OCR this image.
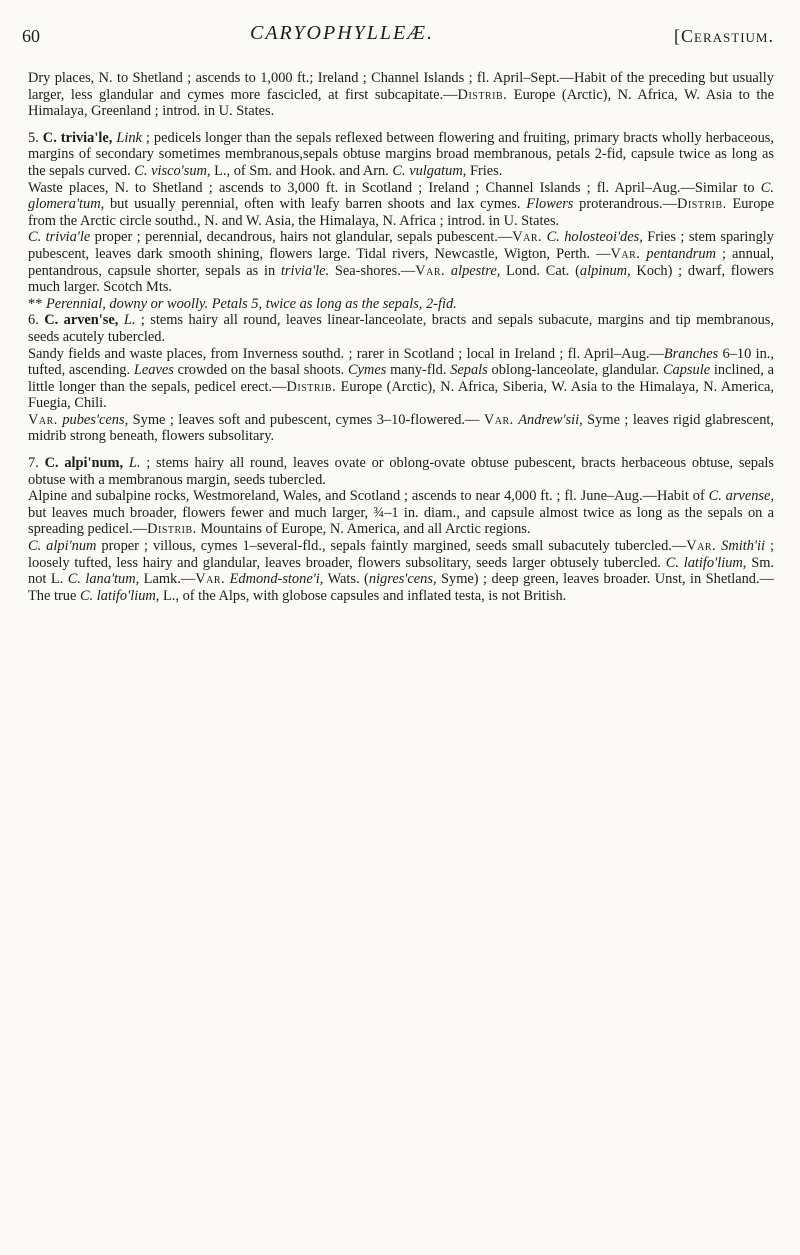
60	CARYOPHYLLEÆ.	[Cerastium.

Dry places, N. to Shetland ; ascends to 1,000 ft.; Ireland ; Channel Islands ; fl. April–Sept.—Habit of the preceding but usually larger, less glandular and cymes more fascicled, at first subcapitate.—Distrib. Europe (Arctic), N. Africa, W. Asia to the Himalaya, Greenland ; introd. in U. States.

5. C. trivia'le, Link ; pedicels longer than the sepals reflexed between flowering and fruiting, primary bracts wholly herbaceous, margins of secondary sometimes membranous,sepals obtuse margins broad membranous, petals 2-fid, capsule twice as long as the sepals curved. C. visco'sum, L., of Sm. and Hook. and Arn. C. vulgatum, Fries.

Waste places, N. to Shetland ; ascends to 3,000 ft. in Scotland ; Ireland ; Channel Islands ; fl. April–Aug.—Similar to C. glomera'tum, but usually perennial, often with leafy barren shoots and lax cymes. Flowers proterandrous.—Distrib. Europe from the Arctic circle southd., N. and W. Asia, the Himalaya, N. Africa ; introd. in U. States.

C. trivia'le proper ; perennial, decandrous, hairs not glandular, sepals pubescent.—Var. C. holosteoi'des, Fries ; stem sparingly pubescent, leaves dark smooth shining, flowers large. Tidal rivers, Newcastle, Wigton, Perth. —Var. pentandrum ; annual, pentandrous, capsule shorter, sepals as in trivia'le. Sea-shores.—Var. alpestre, Lond. Cat. (alpinum, Koch) ; dwarf, flowers much larger. Scotch Mts.

** Perennial, downy or woolly. Petals 5, twice as long as the sepals, 2-fid.

6. C. arven'se, L. ; stems hairy all round, leaves linear-lanceolate, bracts and sepals subacute, margins and tip membranous, seeds acutely tubercled.

Sandy fields and waste places, from Inverness southd. ; rarer in Scotland ; local in Ireland ; fl. April–Aug.—Branches 6–10 in., tufted, ascending. Leaves crowded on the basal shoots. Cymes many-fld. Sepals oblong-lanceolate, glandular. Capsule inclined, a little longer than the sepals, pedicel erect.—Distrib. Europe (Arctic), N. Africa, Siberia, W. Asia to the Himalaya, N. America, Fuegia, Chili.

Var. pubes'cens, Syme ; leaves soft and pubescent, cymes 3–10-flowered.— Var. Andrew'sii, Syme ; leaves rigid glabrescent, midrib strong beneath, flowers subsolitary.

7. C. alpi'num, L. ; stems hairy all round, leaves ovate or oblong-ovate obtuse pubescent, bracts herbaceous obtuse, sepals obtuse with a membranous margin, seeds tubercled.

Alpine and subalpine rocks, Westmoreland, Wales, and Scotland ; ascends to near 4,000 ft. ; fl. June–Aug.—Habit of C. arvense, but leaves much broader, flowers fewer and much larger, ¾–1 in. diam., and capsule almost twice as long as the sepals on a spreading pedicel.—Distrib. Mountains of Europe, N. America, and all Arctic regions.

C. alpi'num proper ; villous, cymes 1–several-fld., sepals faintly margined, seeds small subacutely tubercled.—Var. Smith'ii ; loosely tufted, less hairy and glandular, leaves broader, flowers subsolitary, seeds larger obtusely tubercled. C. latifo'lium, Sm. not L. C. lana'tum, Lamk.—Var. Edmond-stone'i, Wats. (nigres'cens, Syme) ; deep green, leaves broader. Unst, in Shetland.—The true C. latifo'lium, L., of the Alps, with globose capsules and inflated testa, is not British.
